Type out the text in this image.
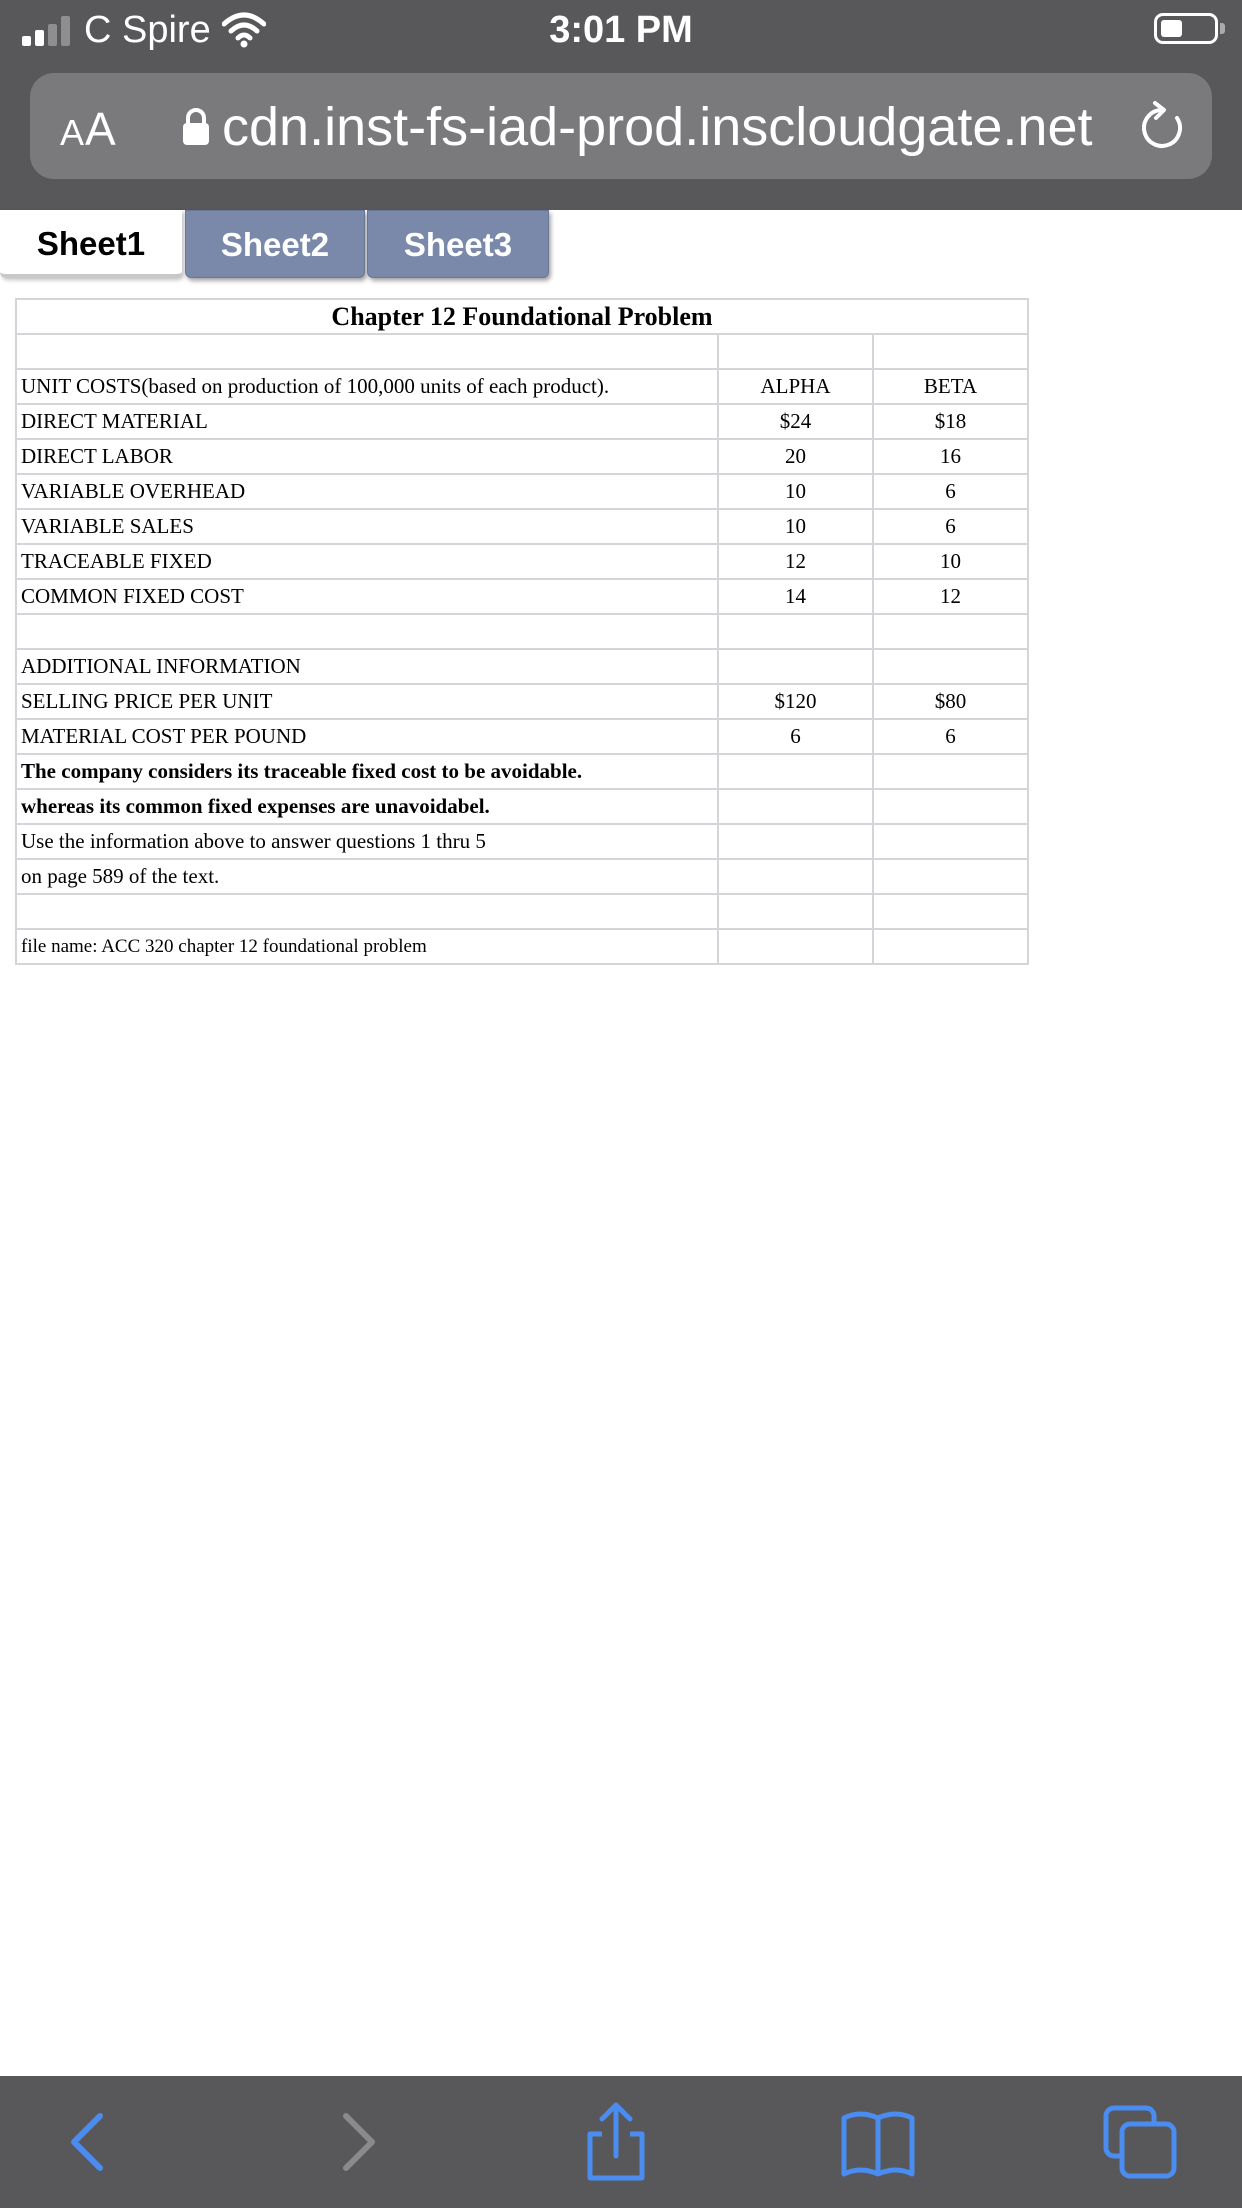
C Spire	3:01 PM
AA cdn.inst-fs-iad-prod.inscloudgate.net
Sheet1	Sheet2	Sheet3
Chapter 12 Foundational Problem		

UNIT COSTS(based on production of 100,000 units of each product).	ALPHA	BETA
DIRECT MATERIAL	$24	$18
DIRECT LABOR	20	16
VARIABLE OVERHEAD	10	6
VARIABLE SALES	10	6
TRACEABLE FIXED	12	10
COMMON FIXED COST	14	12

ADDITIONAL INFORMATION		
SELLING PRICE PER UNIT	$120	$80
MATERIAL COST PER POUND	6	6
The company considers its traceable fixed cost to be avoidable.		
whereas its common fixed expenses are unavoidabel.		
Use the information above to answer questions 1 thru 5		
on page 589 of the text.		

file name: ACC 320 chapter 12 foundational problem		
